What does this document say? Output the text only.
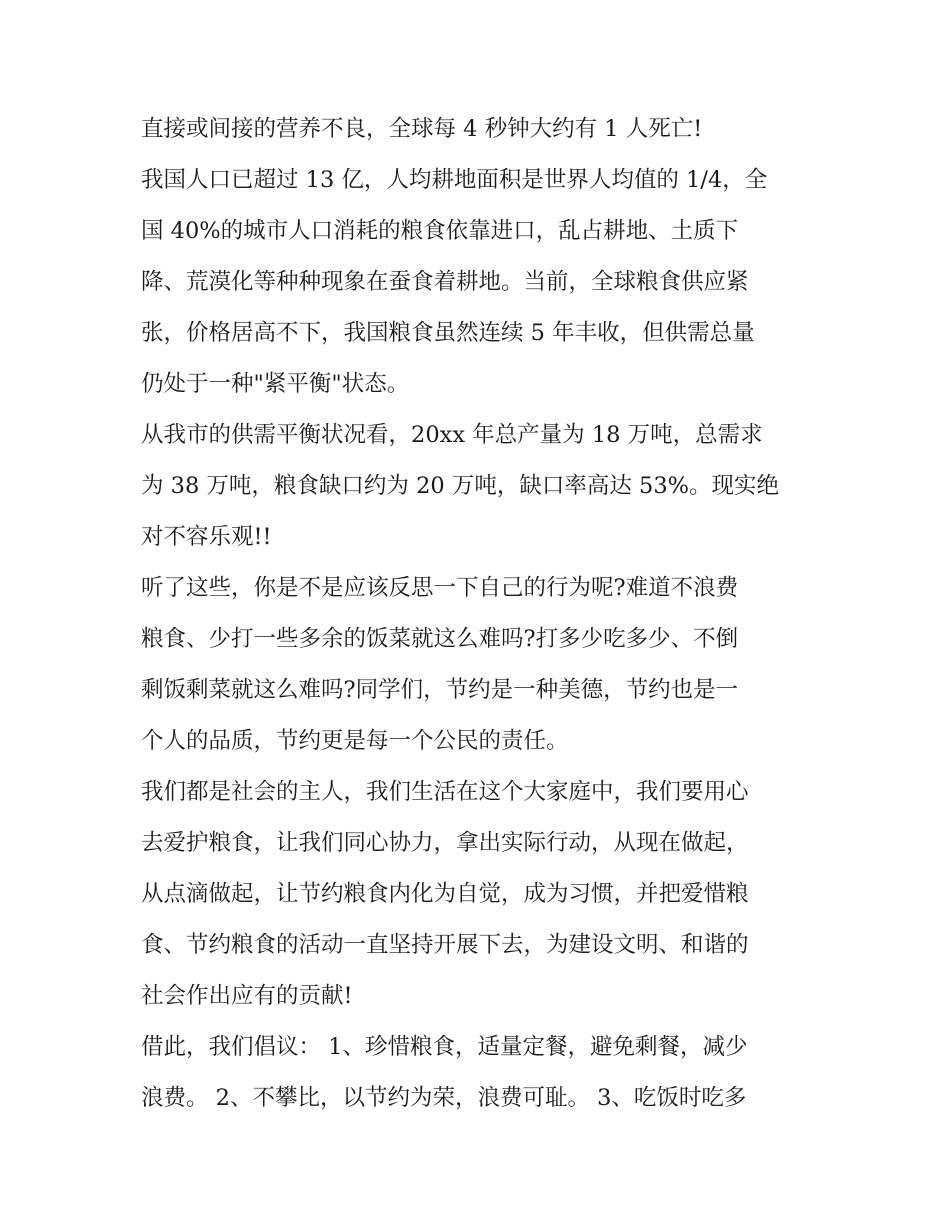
直接或间接的营养不良，全球每 4 秒钟大约有 1 人死亡!
我国人口已超过 13 亿，人均耕地面积是世界人均值的 1/4，全
国 40%的城市人口消耗的粮食依靠进口，乱占耕地、土质下
降、荒漠化等种种现象在蚕食着耕地。当前，全球粮食供应紧
张，价格居高不下，我国粮食虽然连续 5 年丰收，但供需总量
仍处于一种"紧平衡"状态。
从我市的供需平衡状况看，20xx 年总产量为 18 万吨，总需求
为 38 万吨，粮食缺口约为 20 万吨，缺口率高达 53%。现实绝
对不容乐观!!
听了这些，你是不是应该反思一下自己的行为呢?难道不浪费
粮食、少打一些多余的饭菜就这么难吗?打多少吃多少、不倒
剩饭剩菜就这么难吗?同学们，节约是一种美德，节约也是一
个人的品质，节约更是每一个公民的责任。
我们都是社会的主人，我们生活在这个大家庭中，我们要用心
去爱护粮食，让我们同心协力，拿出实际行动，从现在做起，
从点滴做起，让节约粮食内化为自觉，成为习惯，并把爱惜粮
食、节约粮食的活动一直坚持开展下去，为建设文明、和谐的
社会作出应有的贡献!
借此，我们倡议： 1、珍惜粮食，适量定餐，避免剩餐，减少
浪费。 2、不攀比，以节约为荣，浪费可耻。 3、吃饭时吃多
